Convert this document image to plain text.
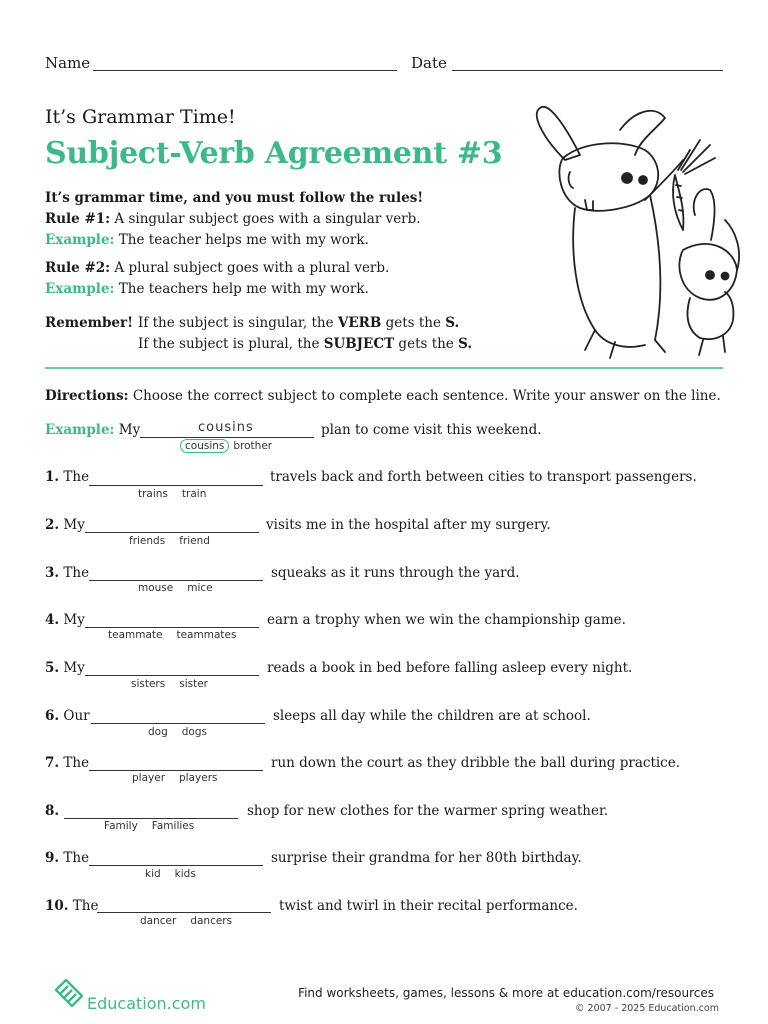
Name	Date
It’s Grammar Time!
Subject-Verb Agreement #3
It’s grammar time, and you must follow the rules!
Rule #1: A singular subject goes with a singular verb.
Example: The teacher helps me with my work.
Rule #2: A plural subject goes with a plural verb.
Example: The teachers help me with my work.
Remember! If the subject is singular, the VERB gets the S.
If the subject is plural, the SUBJECT gets the S.
Directions: Choose the correct subject to complete each sentence. Write your answer on the line.
Example: My	cousins	plan to come visit this weekend.
cousins brother
1. The	travels back and forth between cities to transport passengers.
trains train
2. My	visits me in the hospital after my surgery.
friends friend
3. The	squeaks as it runs through the yard.
mouse mice
4. My	earn a trophy when we win the championship game.
teammate teammates
5. My	reads a book in bed before falling asleep every night.
sisters sister
6. Our	sleeps all day while the children are at school.
dog dogs
7. The	run down the court as they dribble the ball during practice.
player players
8.	shop for new clothes for the warmer spring weather.
Family Families
9. The	surprise their grandma for her 80th birthday.
kid kids
10. The	twist and twirl in their recital performance.
dancer dancers
Education.com
Find worksheets, games, lessons & more at education.com/resources
© 2007 - 2025 Education.com
